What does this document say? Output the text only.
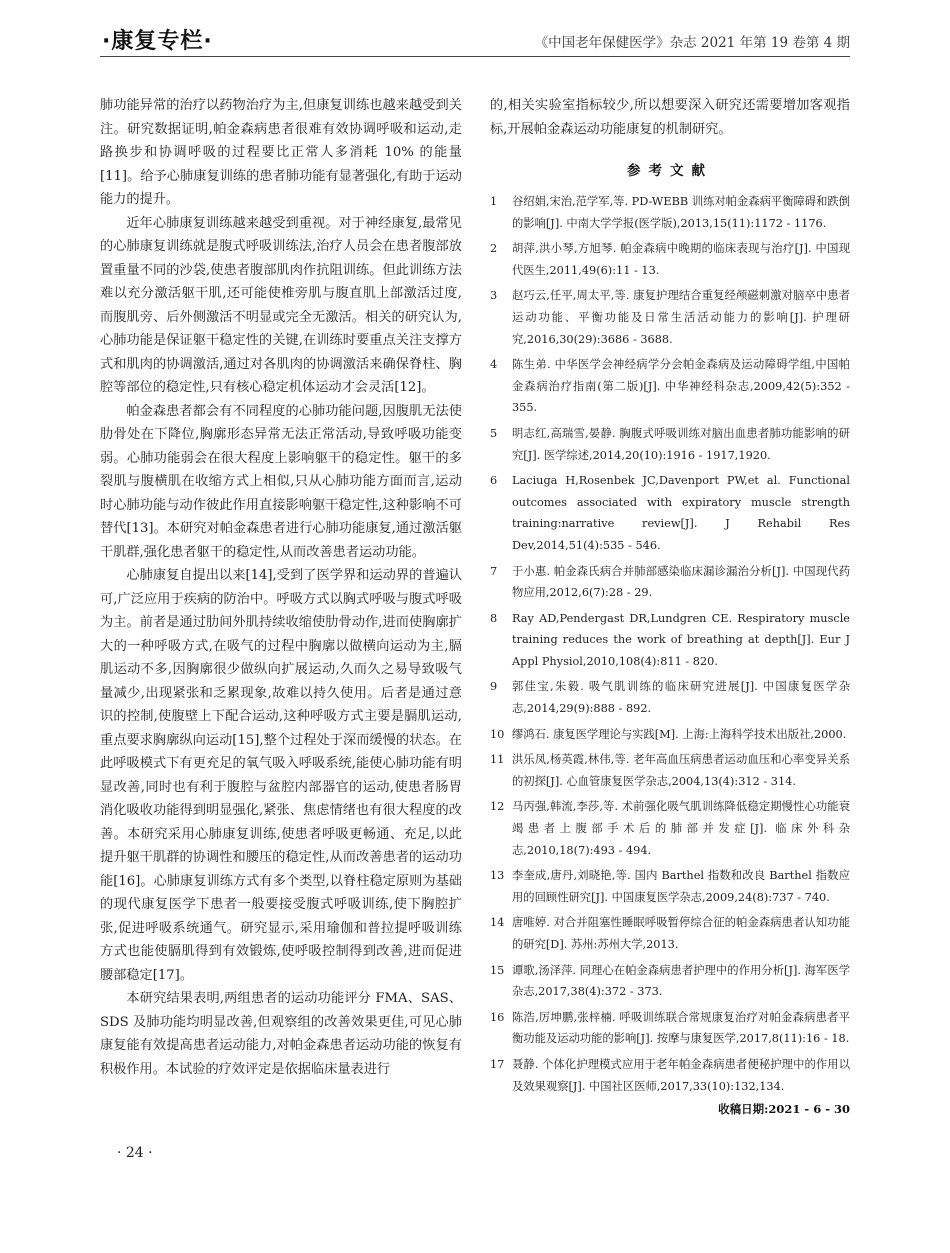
·康复专栏·	《中国老年保健医学》杂志 2021 年第 19 卷第 4 期

肺功能异常的治疗以药物治疗为主,但康复训练也越来越受到关注。研究数据证明,帕金森病患者很难有效协调呼吸和运动,走路换步和协调呼吸的过程要比正常人多消耗 10% 的能量[11]。给予心肺康复训练的患者肺功能有显著强化,有助于运动能力的提升。

近年心肺康复训练越来越受到重视。对于神经康复,最常见的心肺康复训练就是腹式呼吸训练法,治疗人员会在患者腹部放置重量不同的沙袋,使患者腹部肌肉作抗阻训练。但此训练方法难以充分激活躯干肌,还可能使椎旁肌与腹直肌上部激活过度,而腹肌旁、后外侧激活不明显或完全无激活。相关的研究认为,心肺功能是保证躯干稳定性的关键,在训练时要重点关注支撑方式和肌肉的协调激活,通过对各肌肉的协调激活来确保脊柱、胸腔等部位的稳定性,只有核心稳定机体运动才会灵活[12]。

帕金森患者都会有不同程度的心肺功能问题,因腹肌无法使肋骨处在下降位,胸廓形态异常无法正常活动,导致呼吸功能变弱。心肺功能弱会在很大程度上影响躯干的稳定性。躯干的多裂肌与腹横肌在收缩方式上相似,只从心肺功能方面而言,运动时心肺功能与动作彼此作用直接影响躯干稳定性,这种影响不可替代[13]。本研究对帕金森患者进行心肺功能康复,通过激活躯干肌群,强化患者躯干的稳定性,从而改善患者运动功能。

心肺康复自提出以来[14],受到了医学界和运动界的普遍认可,广泛应用于疾病的防治中。呼吸方式以胸式呼吸与腹式呼吸为主。前者是通过肋间外肌持续收缩使肋骨动作,进而使胸廓扩大的一种呼吸方式,在吸气的过程中胸廓以做横向运动为主,膈肌运动不多,因胸廓很少做纵向扩展运动,久而久之易导致吸气量减少,出现紧张和乏累现象,故难以持久使用。后者是通过意识的控制,使腹壁上下配合运动,这种呼吸方式主要是膈肌运动,重点要求胸廓纵向运动[15],整个过程处于深而缓慢的状态。在此呼吸模式下有更充足的氧气吸入呼吸系统,能使心肺功能有明显改善,同时也有利于腹腔与盆腔内部器官的运动,使患者肠胃消化吸收功能得到明显强化,紧张、焦虑情绪也有很大程度的改善。本研究采用心肺康复训练,使患者呼吸更畅通、充足,以此提升躯干肌群的协调性和腰压的稳定性,从而改善患者的运动功能[16]。心肺康复训练方式有多个类型,以脊柱稳定原则为基础的现代康复医学下患者一般要接受腹式呼吸训练,使下胸腔扩张,促进呼吸系统通气。研究显示,采用瑜伽和普拉提呼吸训练方式也能使膈肌得到有效锻炼,使呼吸控制得到改善,进而促进腰部稳定[17]。

本研究结果表明,两组患者的运动功能评分 FMA、SAS、SDS 及肺功能均明显改善,但观察组的改善效果更佳,可见心肺康复能有效提高患者运动能力,对帕金森患者运动功能的恢复有积极作用。本试验的疗效评定是依据临床量表进行

的,相关实验室指标较少,所以想要深入研究还需要增加客观指标,开展帕金森运动功能康复的机制研究。

参考文献
1 谷绍娟,宋治,范学军,等. PD-WEBB 训练对帕金森病平衡障碍和跌倒的影响[J]. 中南大学学报(医学版),2013,15(11):1172 - 1176.
2 胡萍,洪小琴,方旭琴. 帕金森病中晚期的临床表现与治疗[J]. 中国现代医生,2011,49(6):11 - 13.
3 赵巧云,任平,周太平,等. 康复护理结合重复经颅磁刺激对脑卒中患者运动功能、平衡功能及日常生活活动能力的影响[J]. 护理研究,2016,30(29):3686 - 3688.
4 陈生弟. 中华医学会神经病学分会帕金森病及运动障碍学组,中国帕金森病治疗指南(第二版)[J]. 中华神经科杂志,2009,42(5):352 - 355.
5 明志红,高瑞雪,晏静. 胸腹式呼吸训练对脑出血患者肺功能影响的研究[J]. 医学综述,2014,20(10):1916 - 1917,1920.
6 Laciuga H,Rosenbek JC,Davenport PW,et al. Functional outcomes associated with expiratory muscle strength training:narrative review[J]. J Rehabil Res Dev,2014,51(4):535 - 546.
7 于小惠. 帕金森氏病合并肺部感染临床漏诊漏治分析[J]. 中国现代药物应用,2012,6(7):28 - 29.
8 Ray AD,Pendergast DR,Lundgren CE. Respiratory muscle training reduces the work of breathing at depth[J]. Eur J Appl Physiol,2010,108(4):811 - 820.
9 郭佳宝,朱毅. 吸气肌训练的临床研究进展[J]. 中国康复医学杂志,2014,29(9):888 - 892.
10 缪鸿石. 康复医学理论与实践[M]. 上海:上海科学技术出版社,2000.
11 洪乐凤,杨英霞,林伟,等. 老年高血压病患者运动血压和心率变异关系的初探[J]. 心血管康复医学杂志,2004,13(4):312 - 314.
12 马丙强,韩流,李莎,等. 术前强化吸气肌训练降低稳定期慢性心功能衰竭患者上腹部手术后的肺部并发症[J]. 临床外科杂志,2010,18(7):493 - 494.
13 李奎成,唐丹,刘晓艳,等. 国内 Barthel 指数和改良 Barthel 指数应用的回顾性研究[J]. 中国康复医学杂志,2009,24(8):737 - 740.
14 唐唯婷. 对合并阻塞性睡眠呼吸暂停综合征的帕金森病患者认知功能的研究[D]. 苏州:苏州大学,2013.
15 谭歌,汤泽萍. 同理心在帕金森病患者护理中的作用分析[J]. 海军医学杂志,2017,38(4):372 - 373.
16 陈浩,厉坤鹏,张梓楠. 呼吸训练联合常规康复治疗对帕金森病患者平衡功能及运动功能的影响[J]. 按摩与康复医学,2017,8(11):16 - 18.
17 聂静. 个体化护理模式应用于老年帕金森病患者便秘护理中的作用以及效果观察[J]. 中国社区医师,2017,33(10):132,134.
收稿日期:2021 - 6 - 30
· 24 ·
